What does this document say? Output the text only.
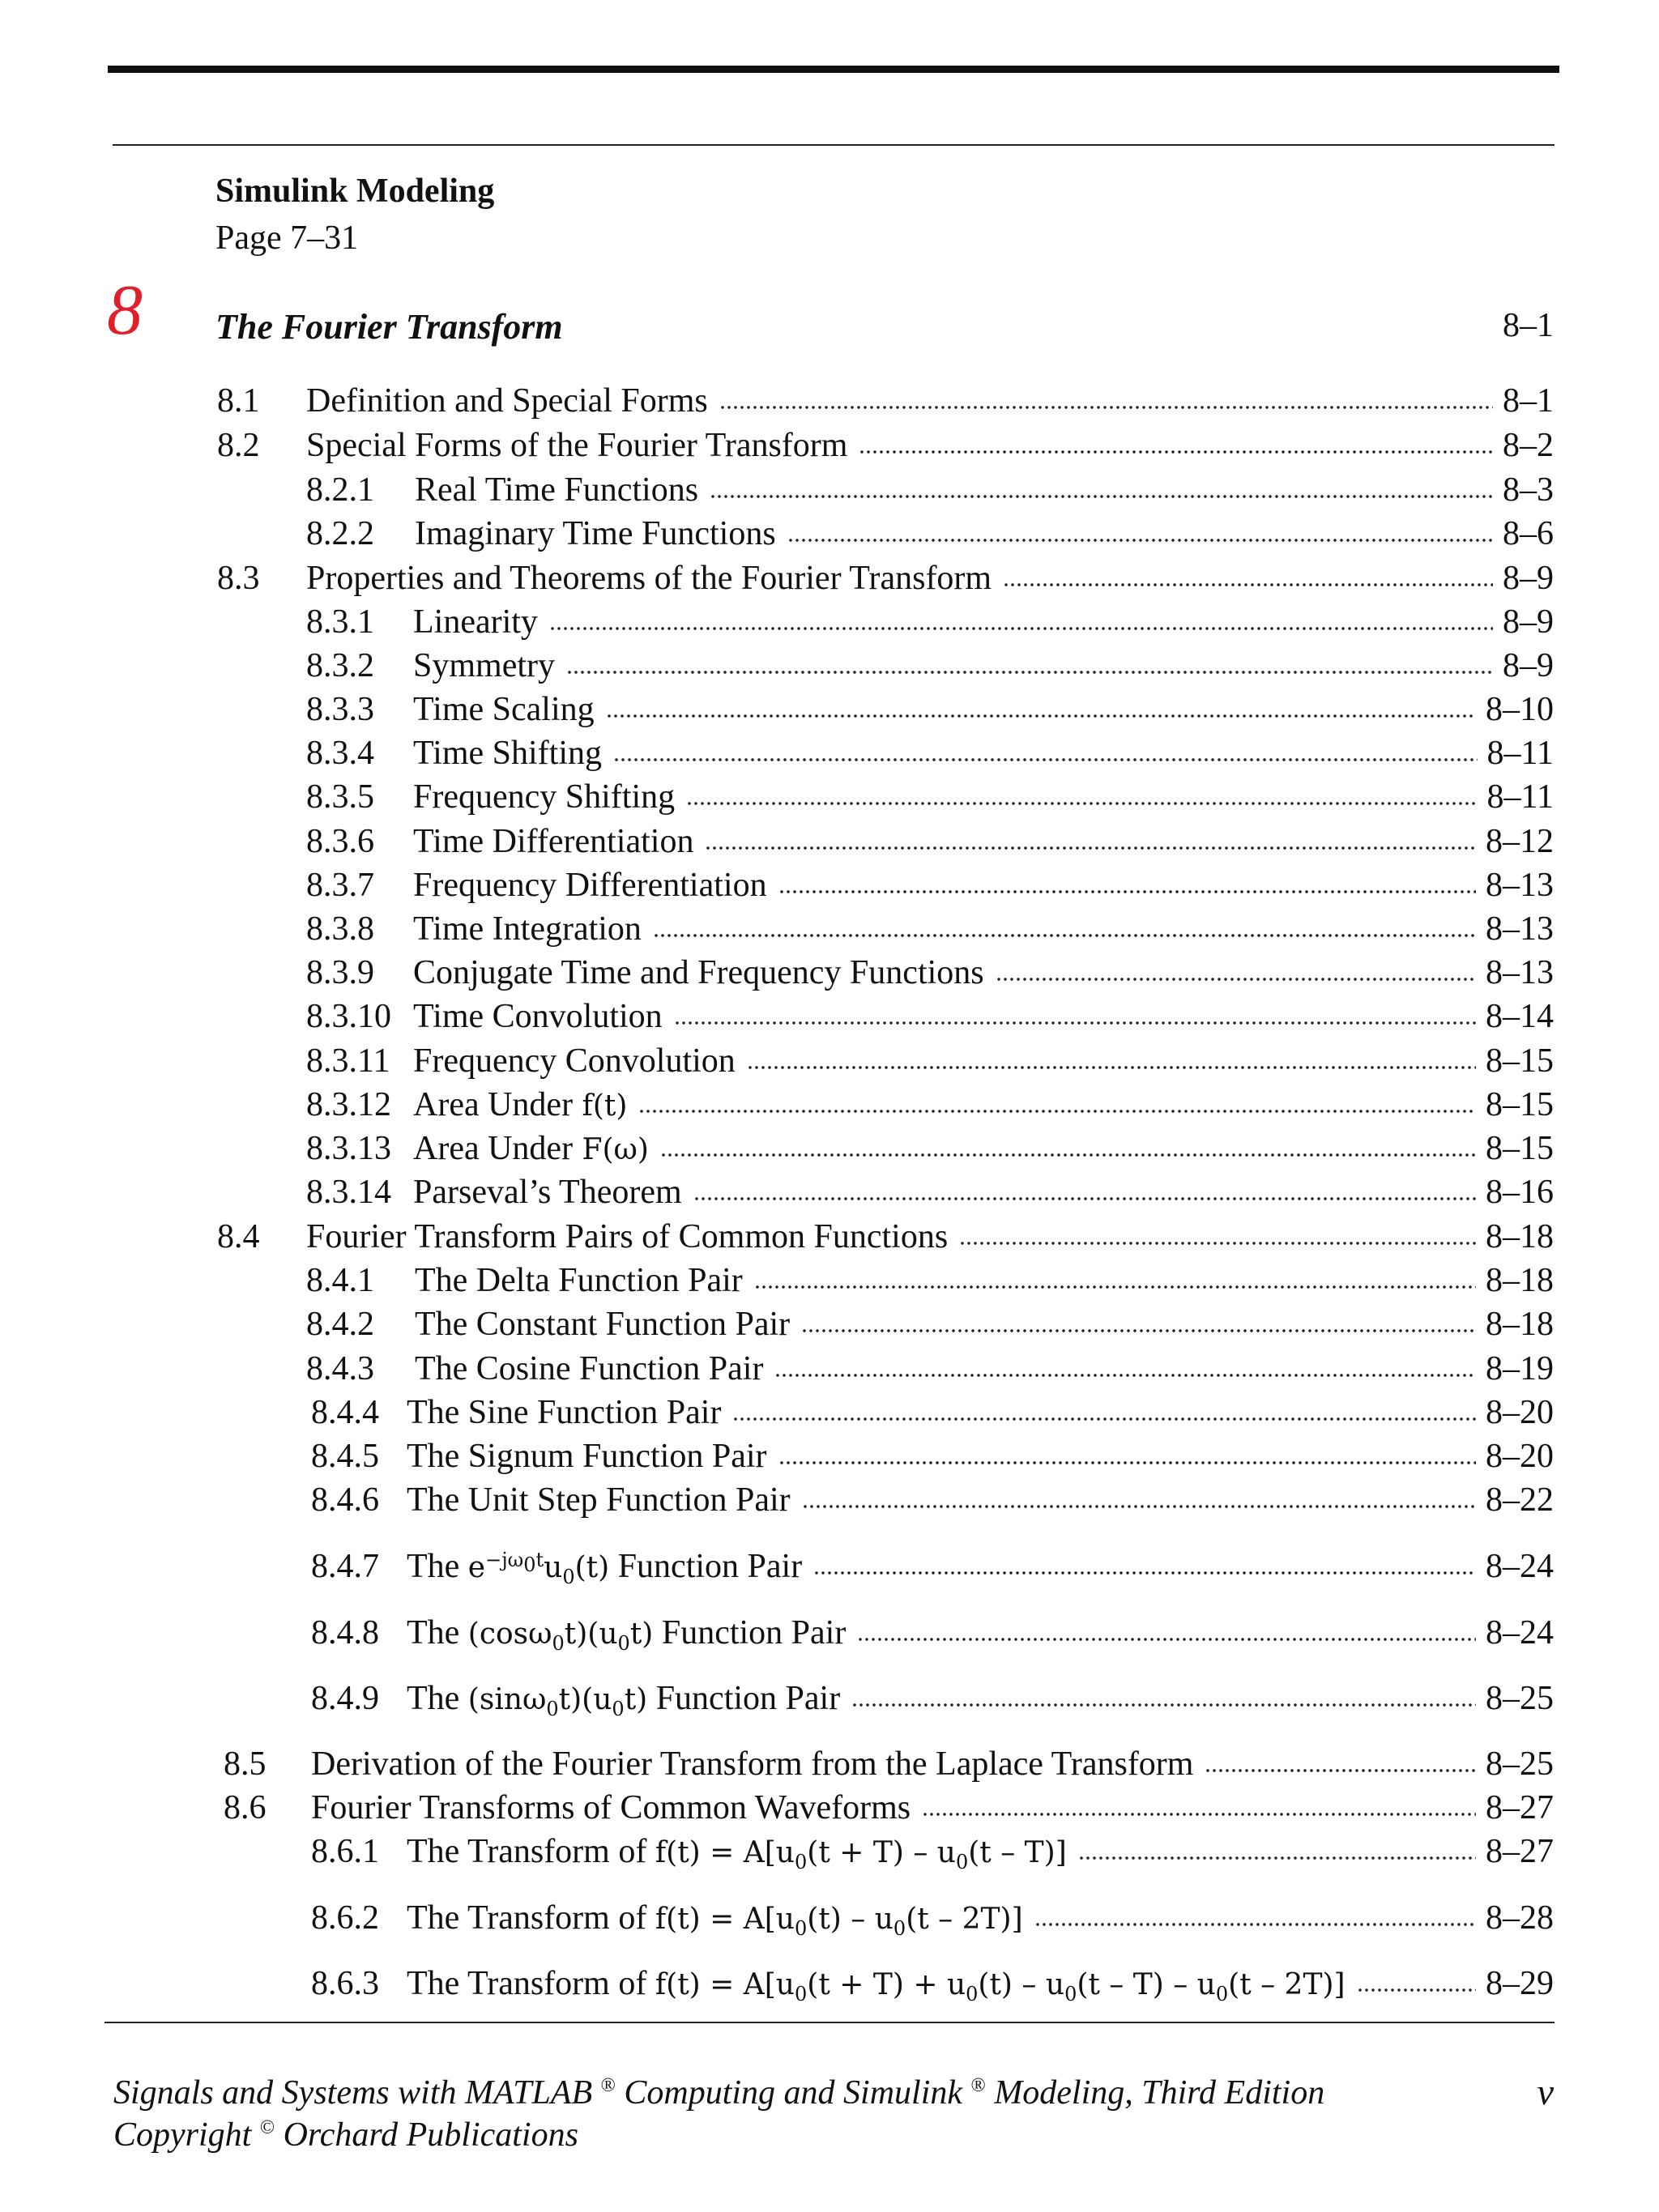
Simulink Modeling
Page 7–31
8 The Fourier Transform	8–1
8.1	Definition and Special Forms	8–1
8.2	Special Forms of the Fourier Transform	8–2
8.2.1	Real Time Functions	8–3
8.2.2	Imaginary Time Functions	8–6
8.3	Properties and Theorems of the Fourier Transform	8–9
8.3.1	Linearity	8–9
8.3.2	Symmetry	8–9
8.3.3	Time Scaling	8–10
8.3.4	Time Shifting	8–11
8.3.5	Frequency Shifting	8–11
8.3.6	Time Differentiation	8–12
8.3.7	Frequency Differentiation	8–13
8.3.8	Time Integration	8–13
8.3.9	Conjugate Time and Frequency Functions	8–13
8.3.10 Time Convolution	8–14
8.3.11 Frequency Convolution	8–15
8.3.12 Area Under f(t)	8–15
8.3.13 Area Under F(ω)	8–15
8.3.14 Parseval’s Theorem	8–16
8.4	Fourier Transform Pairs of Common Functions	8–18
8.4.1	The Delta Function Pair	8–18
8.4.2	The Constant Function Pair	8–18
8.4.3	The Cosine Function Pair	8–19
8.4.4 The Sine Function Pair	8–20
8.4.5 The Signum Function Pair	8–20
8.4.6 The Unit Step Function Pair	8–22
8.4.7 The $e^{-j\omega_0t}u_0(t)$ Function Pair	8–24
8.4.8 The $(\cos\omega_0t)(u_0t)$ Function Pair	8–24
8.4.9 The $(\sin\omega_0t)(u_0t)$ Function Pair	8–25
8.5	Derivation of the Fourier Transform from the Laplace Transform	8–25
8.6	Fourier Transforms of Common Waveforms	8–27
8.6.1 The Transform of $f(t) = A[u_0(t + T) - u_0(t - T)]$	8–27
8.6.2 The Transform of $f(t) = A[u_0(t) - u_0(t - 2T)]$	8–28
8.6.3 The Transform of $f(t) = A[u_0(t + T) + u_0(t) - u_0(t - T) - u_0(t - 2T)]$	8–29
Signals and Systems with MATLAB ® Computing and Simulink ® Modeling, Third Edition
Copyright © Orchard Publications
v
